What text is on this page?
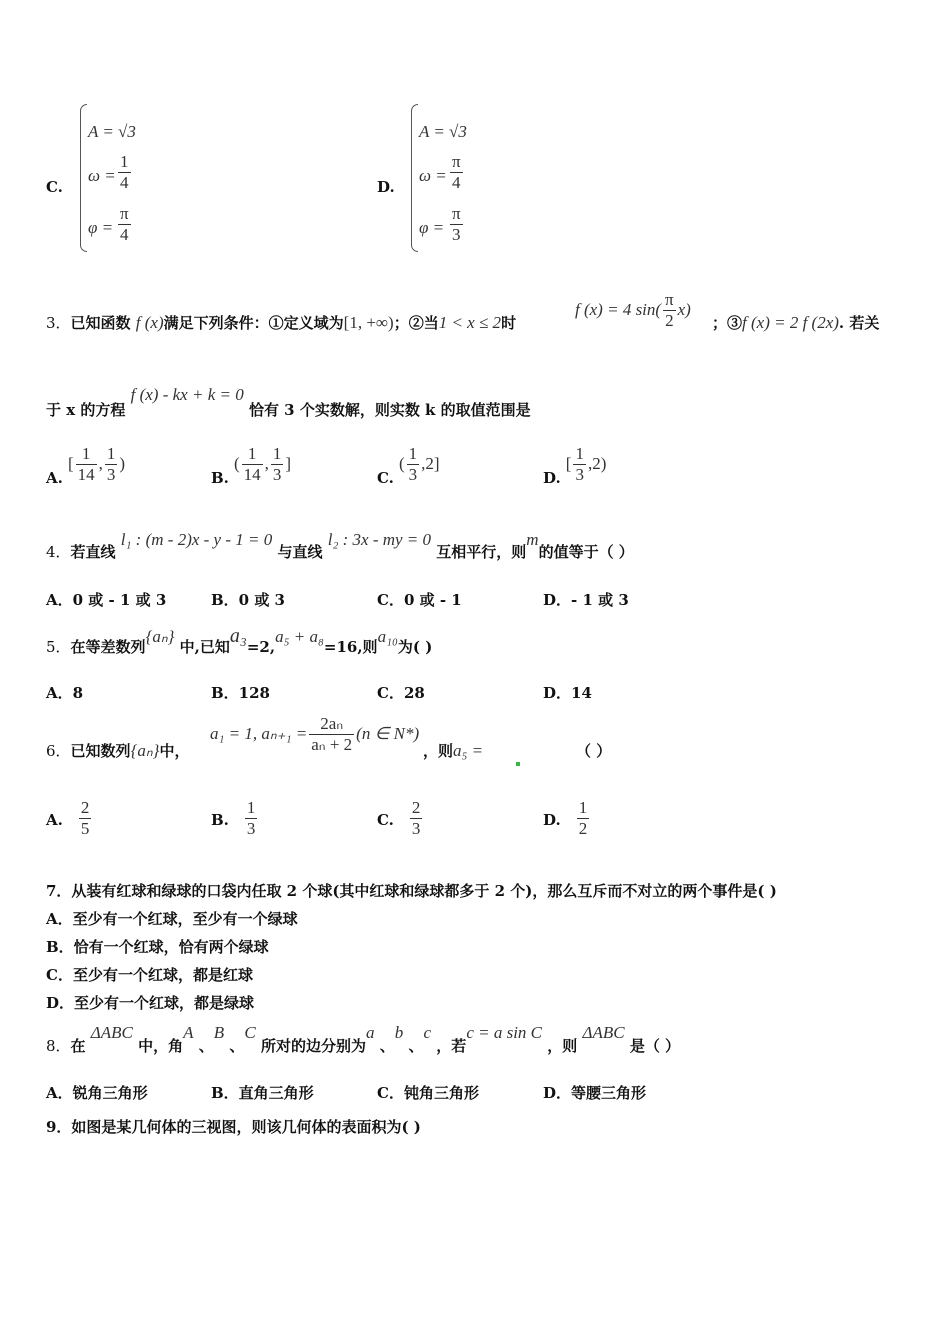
C.
A = √3
$\omega = \frac{1}{4}$
$\varphi = \frac{\pi}{4}$
D.
A = √3
$\omega = \frac{\pi}{4}$
$\varphi = \frac{\pi}{3}$
3．已知函数 f (x)满足下列条件：①定义域为[1, +∞)；②当1 < x ≤ 2时
f (x) = 4 $\sin( \frac{\pi}{2} x)$
；③f (x) = 2 f (2x). 若关
于 x 的方程 f (x) - kx + k = 0 恰有 3 个实数解，则实数 k 的取值范围是
A. [ $\frac{1}{14}$ , $\frac{1}{3}$ )
B. ( $\frac{1}{14}$ , $\frac{1}{3}$ ]
C. ( $\frac{1}{3} ,2$]
D. [ $\frac{1}{3} ,2$)
4．若直线 l₁ : (m - 2)x - y - 1 = 0 与直线 l₂ : 3x - my = 0 互相平行，则m的值等于（ ）
A．0 或 - 1 或 3	B．0 或 3	C．0 或 - 1	D．- 1 或 3
5．在等差数列{aₙ} 中,已知a₃=2,a₅ + a₈=16,则a₁₀为( )
A．8	B．128	C．28	D．14
6．已知数列{aₙ}中，
a₁ = 1, $a_{n+1} = \frac{\text{2aₙ}}{\text{aₙ + 2}} (n$ ∈ N*)
，则a₅ =	（ ）
A. $\frac{2}{5}$	B. $\frac{1}{3}$	C. $\frac{2}{3}$	D. $\frac{1}{2}$
7．从装有红球和绿球的口袋内任取 2 个球(其中红球和绿球都多于 2 个)，那么互斥而不对立的两个事件是( )
A．至少有一个红球，至少有一个绿球
B．恰有一个红球，恰有两个绿球
C．至少有一个红球，都是红球
D．至少有一个红球，都是绿球
8．在 ΔABC 中，角A 、B 、C 所对的边分别为a 、b 、c ，若c = a sin C ，则 ΔABC 是（ ）
A．锐角三角形	B．直角三角形	C．钝角三角形	D．等腰三角形
9．如图是某几何体的三视图，则该几何体的表面积为( )
